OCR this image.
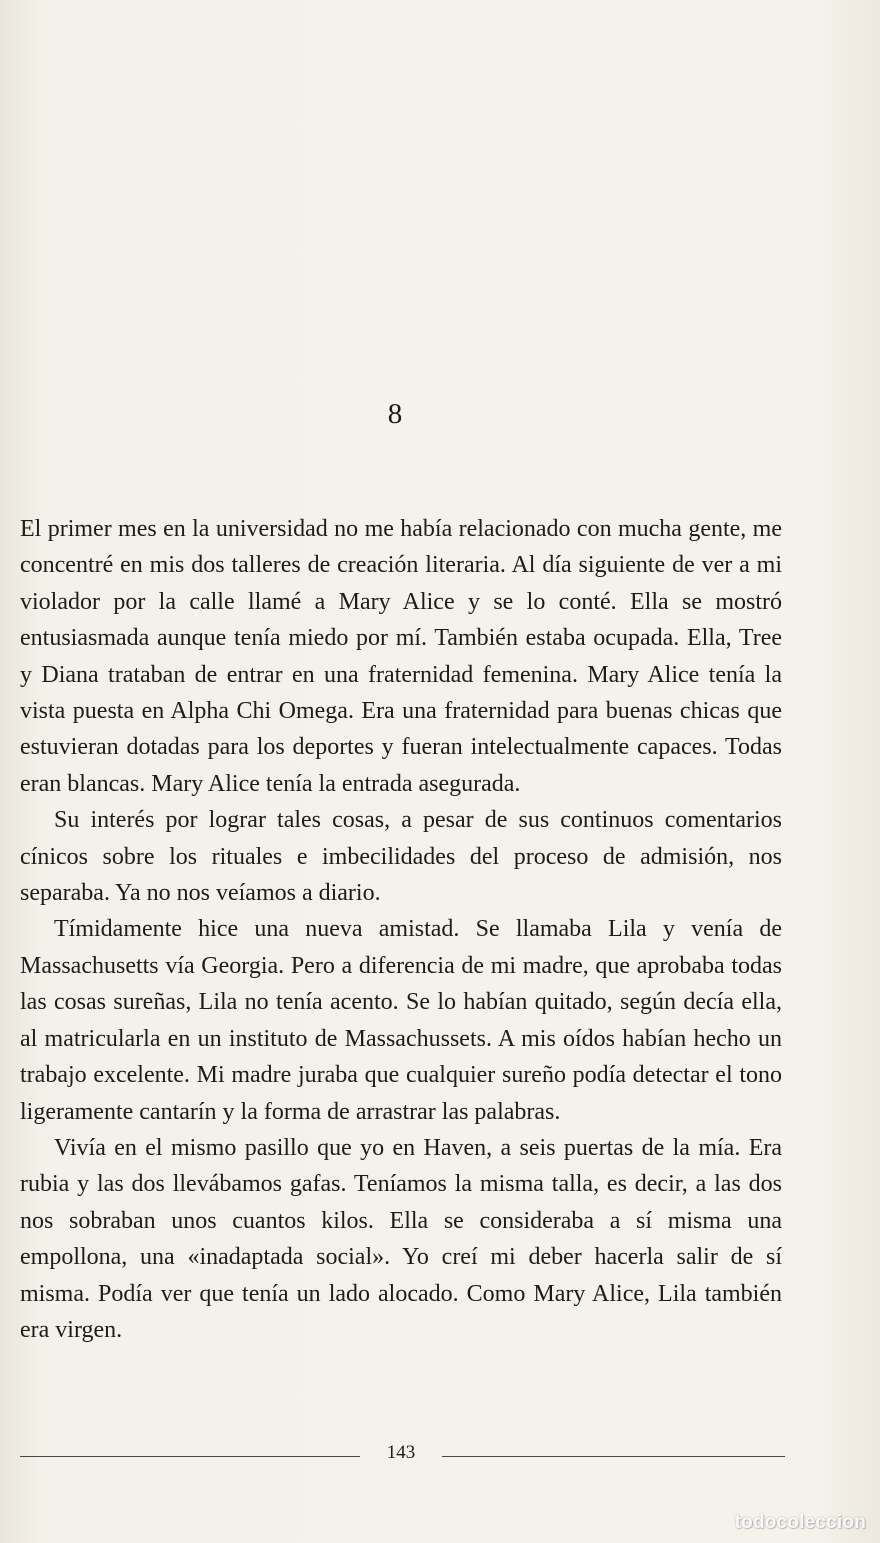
8

El primer mes en la universidad no me había relacionado con mucha gente, me concentré en mis dos talleres de creación literaria. Al día siguiente de ver a mi violador por la calle llamé a Mary Alice y se lo conté. Ella se mostró entusiasmada aunque tenía miedo por mí. También estaba ocupada. Ella, Tree y Diana trataban de entrar en una fraternidad femenina. Mary Alice tenía la vista puesta en Alpha Chi Omega. Era una fraternidad para buenas chicas que estuvieran dotadas para los deportes y fueran intelectualmente capaces. Todas eran blancas. Mary Alice tenía la entrada asegurada.

Su interés por lograr tales cosas, a pesar de sus continuos comentarios cínicos sobre los rituales e imbecilidades del proceso de admisión, nos separaba. Ya no nos veíamos a diario.

Tímidamente hice una nueva amistad. Se llamaba Lila y venía de Massachusetts vía Georgia. Pero a diferencia de mi madre, que aprobaba todas las cosas sureñas, Lila no tenía acento. Se lo habían quitado, según decía ella, al matricularla en un instituto de Massachussets. A mis oídos habían hecho un trabajo excelente. Mi madre juraba que cualquier sureño podía detectar el tono ligeramente cantarín y la forma de arrastrar las palabras.

Vivía en el mismo pasillo que yo en Haven, a seis puertas de la mía. Era rubia y las dos llevábamos gafas. Teníamos la misma talla, es decir, a las dos nos sobraban unos cuantos kilos. Ella se consideraba a sí misma una empollona, una «inadaptada social». Yo creí mi deber hacerla salir de sí misma. Podía ver que tenía un lado alocado. Como Mary Alice, Lila también era virgen.

143
todocoleccion
